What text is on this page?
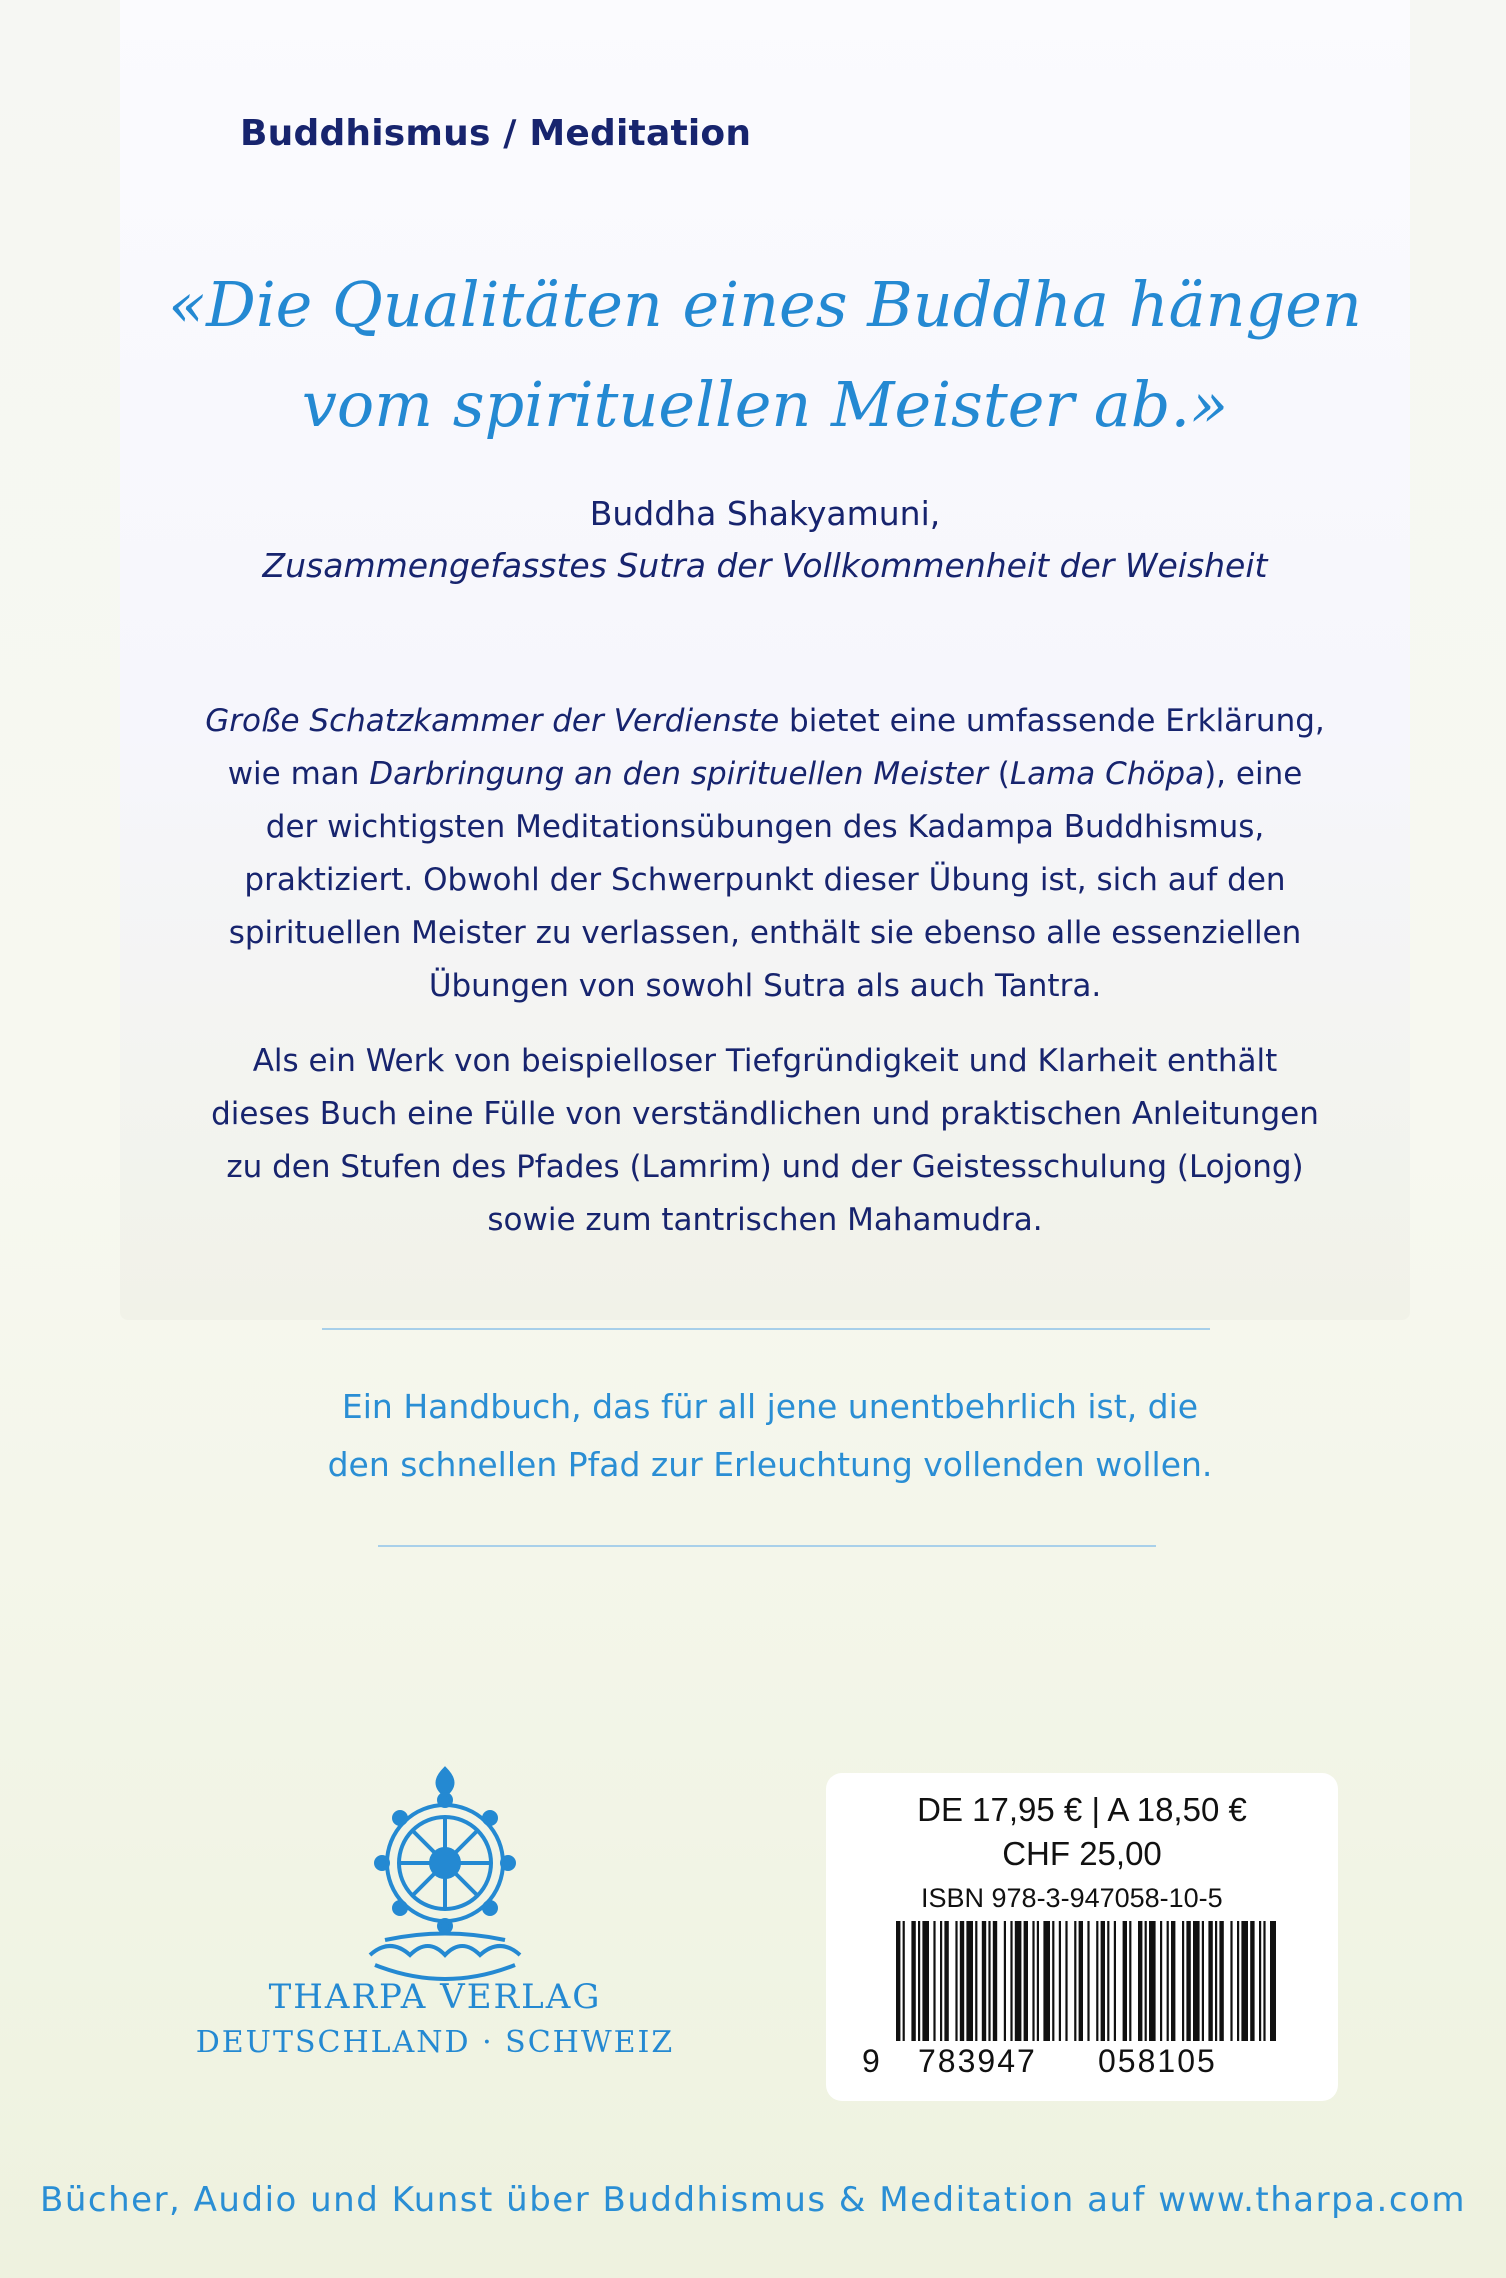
Buddhismus / Meditation
«Die Qualitäten eines Buddha hängen
vom spirituellen Meister ab.»
Buddha Shakyamuni,
Zusammengefasstes Sutra der Vollkommenheit der Weisheit

Große Schatzkammer der Verdienste bietet eine umfassende Erklärung, wie man Darbringung an den spirituellen Meister (Lama Chöpa), eine der wichtigsten Meditationsübungen des Kadampa Buddhismus, praktiziert. Obwohl der Schwerpunkt dieser Übung ist, sich auf den spirituellen Meister zu verlassen, enthält sie ebenso alle essenziellen Übungen von sowohl Sutra als auch Tantra.

Als ein Werk von beispielloser Tiefgründigkeit und Klarheit enthält dieses Buch eine Fülle von verständlichen und praktischen Anleitungen zu den Stufen des Pfades (Lamrim) und der Geistesschulung (Lojong) sowie zum tantrischen Mahamudra.

Ein Handbuch, das für all jene unentbehrlich ist, die
den schnellen Pfad zur Erleuchtung vollenden wollen.
THARPA VERLAG
DEUTSCHLAND · SCHWEIZ
DE 17,95 € | A 18,50 €
CHF 25,00
ISBN 978-3-947058-10-5
9 783947 058105
Bücher, Audio und Kunst über Buddhismus & Meditation auf www.tharpa.com
